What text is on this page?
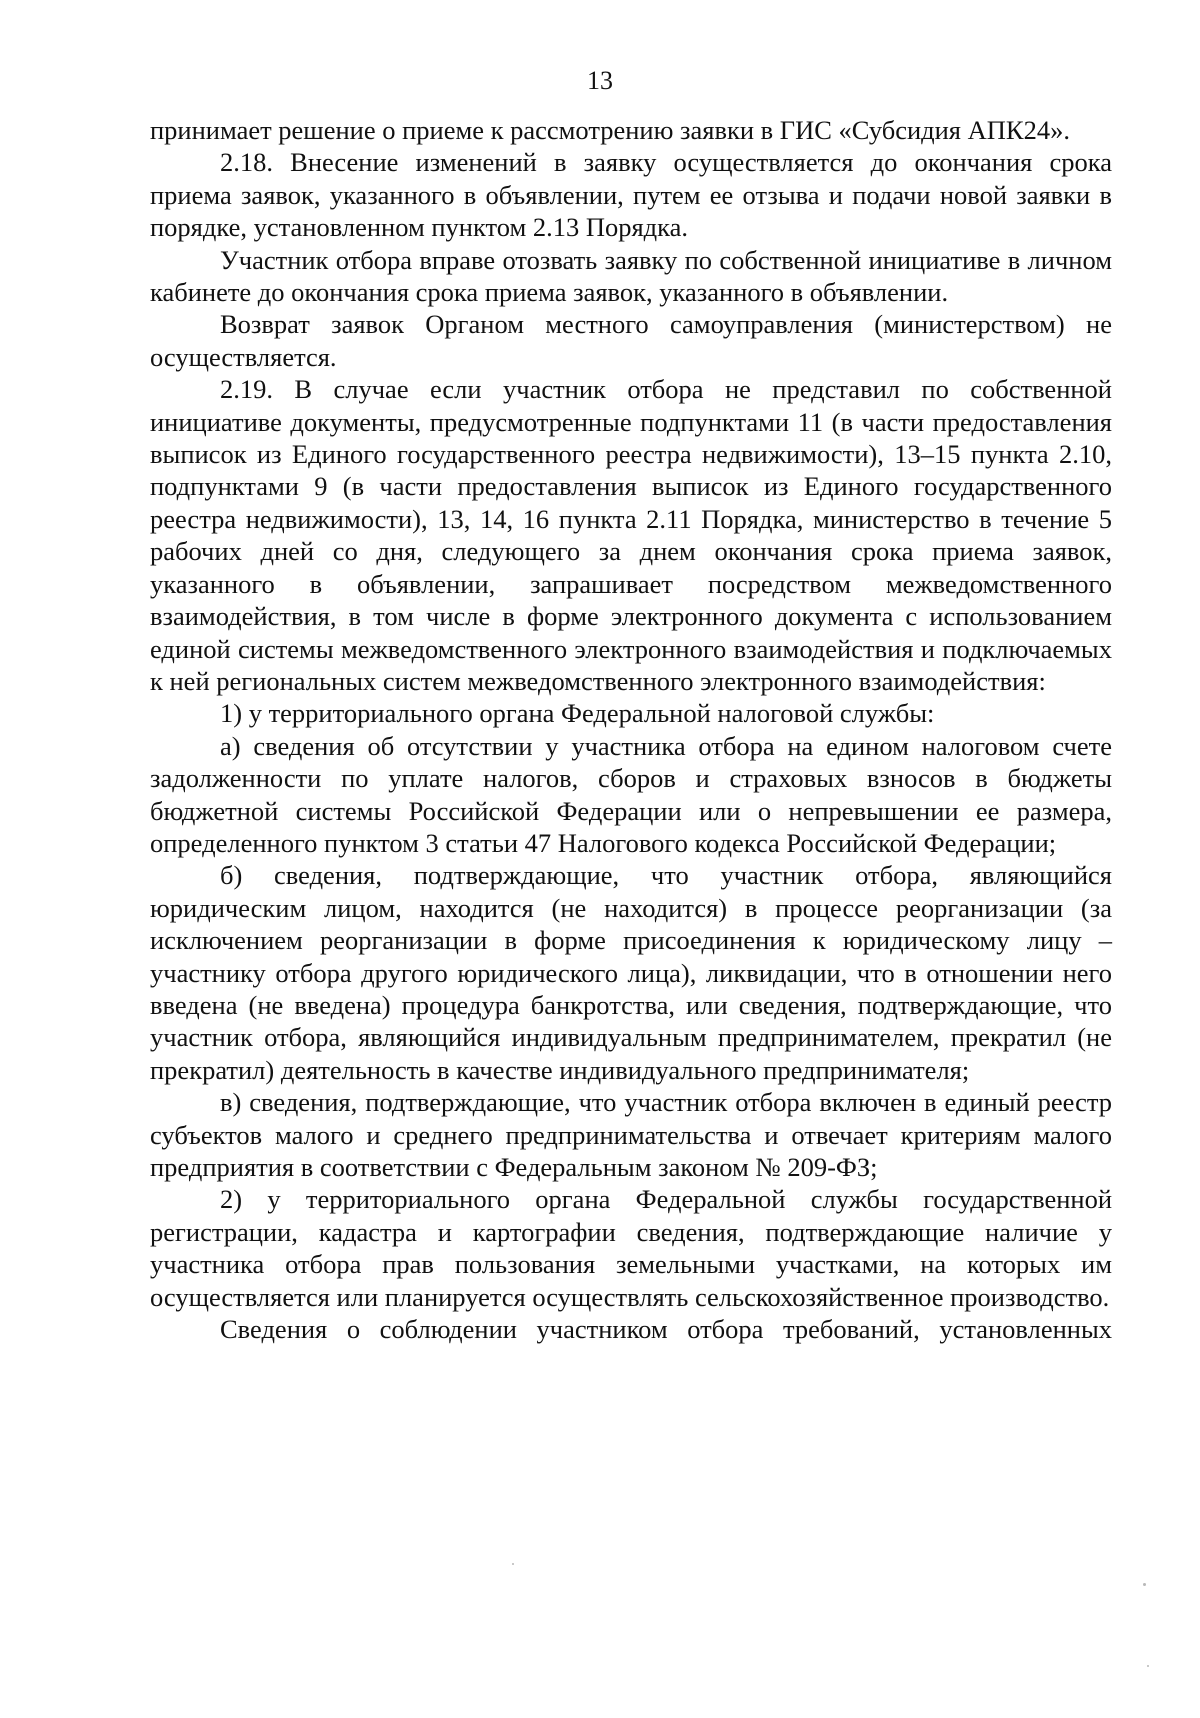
13

принимает решение о приеме к рассмотрению заявки в ГИС «Субсидия АПК24».

2.18. Внесение изменений в заявку осуществляется до окончания срока приема заявок, указанного в объявлении, путем ее отзыва и подачи новой заявки в порядке, установленном пунктом 2.13 Порядка.

Участник отбора вправе отозвать заявку по собственной инициативе в личном кабинете до окончания срока приема заявок, указанного в объявлении.

Возврат заявок Органом местного самоуправления (министерством) не осуществляется.

2.19. В случае если участник отбора не представил по собственной инициативе документы, предусмотренные подпунктами 11 (в части предоставления выписок из Единого государственного реестра недвижимости), 13–15 пункта 2.10, подпунктами 9 (в части предоставления выписок из Единого государственного реестра недвижимости), 13, 14, 16 пункта 2.11 Порядка, министерство в течение 5 рабочих дней со дня, следующего за днем окончания срока приема заявок, указанного в объявлении, запрашивает посредством межведомственного взаимодействия, в том числе в форме электронного документа с использованием единой системы межведомственного электронного взаимодействия и подключаемых к ней региональных систем межведомственного электронного взаимодействия:

1) у территориального органа Федеральной налоговой службы:

а) сведения об отсутствии у участника отбора на едином налоговом счете задолженности по уплате налогов, сборов и страховых взносов в бюджеты бюджетной системы Российской Федерации или о непревышении ее размера, определенного пунктом 3 статьи 47 Налогового кодекса Российской Федерации;

б) сведения, подтверждающие, что участник отбора, являющийся юридическим лицом, находится (не находится) в процессе реорганизации (за исключением реорганизации в форме присоединения к юридическому лицу – участнику отбора другого юридического лица), ликвидации, что в отношении него введена (не введена) процедура банкротства, или сведения, подтверждающие, что участник отбора, являющийся индивидуальным предпринимателем, прекратил (не прекратил) деятельность в качестве индивидуального предпринимателя;

в) сведения, подтверждающие, что участник отбора включен в единый реестр субъектов малого и среднего предпринимательства и отвечает критериям малого предприятия в соответствии с Федеральным законом № 209-ФЗ;

2) у территориального органа Федеральной службы государственной регистрации, кадастра и картографии сведения, подтверждающие наличие у участника отбора прав пользования земельными участками, на которых им осуществляется или планируется осуществлять сельскохозяйственное производство.

Сведения о соблюдении участником отбора требований, установленных
